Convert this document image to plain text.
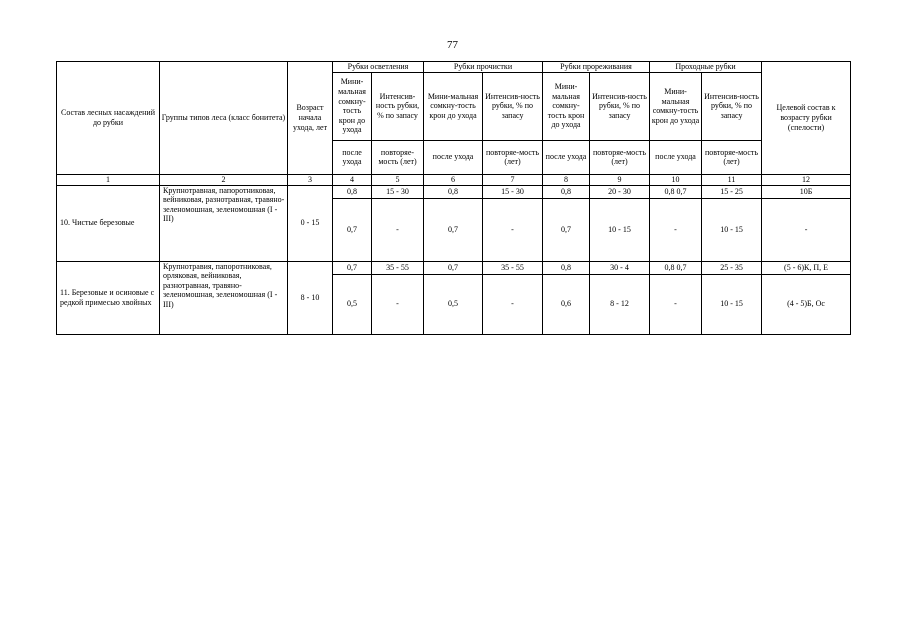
77
Состав лесных насаждений до рубки	Группы типов леса (класс бонитета)	Возраст начала ухода, лет	Рубки осветления		Рубки прочистки		Рубки прореживания		Проходные рубки		Целевой состав к возрасту рубки (спелости)
			Мини-мальная сомкну-тость крон до ухода	Интенсив-ность рубки, % по запасу	Мини-мальная сомкну-тость крон до ухода	Интенсив-ность рубки, % по запасу	Мини-мальная сомкну-тость крон до ухода	Интенсив-ность рубки, % по запасу	Мини-мальная сомкну-тость крон до ухода	Интенсив-ность рубки, % по запасу	
			после ухода	повторяе-мость (лет)	после ухода	повторяе-мость (лет)	после ухода	повторяе-мость (лет)	после ухода	повторяе-мость (лет)	
1	2	3	4	5	6	7	8	9	10	11	12
10. Чистые березовые	Крупнотравная, папоротниковая, вейниковая, разнотравная, травяно-зеленомошная, зеленомошная (I - III)	0 - 15	0,8	15 - 30	0,8	15 - 30	0,8	20 - 30	0,8 0,7	15 - 25	10Б
			0,7	-	0,7	-	0,7	10 - 15	-	10 - 15	-
11. Березовые и осиновые с редкой примесью хвойных	Крупнотравия, папоротниковая, орляковая, вейниковая, разнотравная, травяно-зеленомошная, зеленомошная (I - III)	8 - 10	0,7	35 - 55	0,7	35 - 55	0,8	30 - 4	0,8 0,7	25 - 35	(5 - 6)К, П, Е
			0,5	-	0,5	-	0,6	8 - 12	-	10 - 15	(4 - 5)Б, Ос
